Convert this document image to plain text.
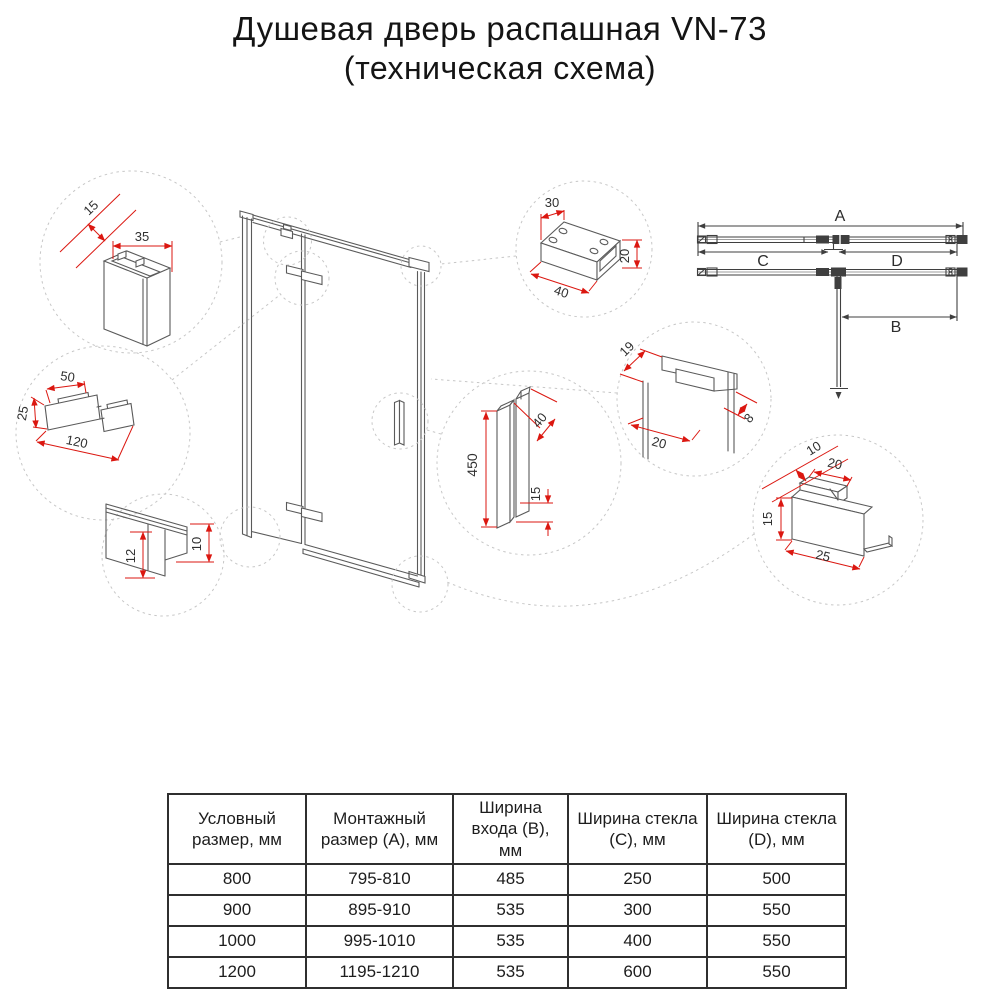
Душевая дверь распашная VN-73
(техническая схема)
15
35
50
25
120
12
10
30
40
20
450
40
15
19
20
8
10
20
15
25
A
C	D
B
Условный размер, мм	Монтажный размер (А), мм	Ширина входа (В), мм	Ширина стекла (С), мм	Ширина стекла (D), мм
800	795-810	485	250	500
900	895-910	535	300	550
1000	995-1010	535	400	550
1200	1195-1210	535	600	550
